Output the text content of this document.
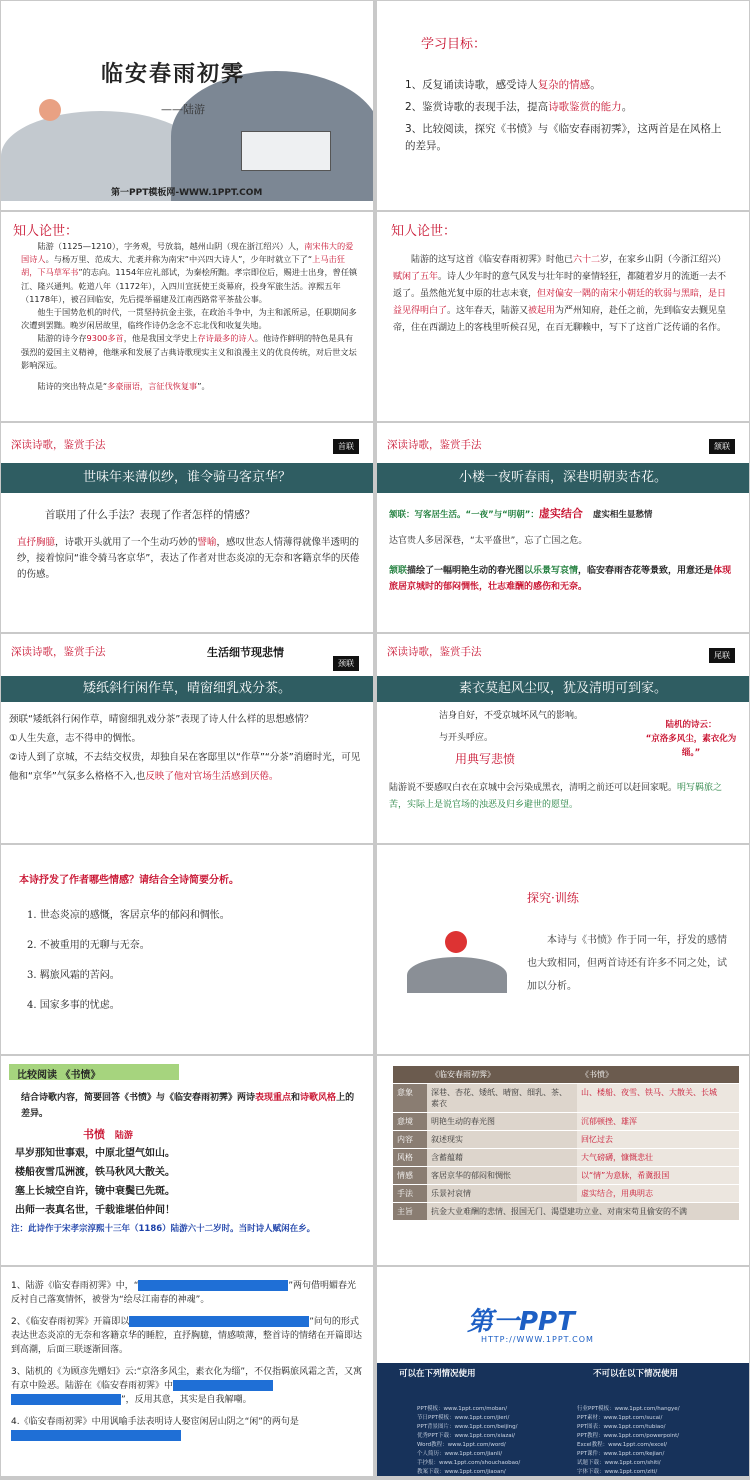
临安春雨初霁
——陆游
第一PPT模板网-WWW.1PPT.COM
学习目标：
1、反复诵读诗歌，感受诗人复杂的情感。
2、鉴赏诗歌的表现手法，提高诗歌鉴赏的能力。
3、比较阅读，探究《书愤》与《临安春雨初霁》，这两首是在风格上的差异。
知人论世：

陆游（1125—1210），字务观，号放翁，越州山阴（现在浙江绍兴）人，南宋伟大的爱国诗人。与杨万里、范成大、尤袤并称为南宋“中兴四大诗人”，少年时就立下了“上马击狂胡，下马草军书”的志向。1154年应礼部试，为秦桧所黜。孝宗即位后，赐进士出身，曾任镇江、隆兴通判。乾道八年（1172年），入四川宣抚使王炎幕府，投身军旅生活。淳熙五年（1178年），被召回临安，先后提举福建及江南西路常平茶盐公事。

他生于国势危机的时代，一贯坚持抗金主张，在政治斗争中，为主和派所忌，任职期间多次遭到罢黜。晚岁闲居故里，临终作诗仍念念不忘北伐和收复失地。

陆游的诗今存9300多首，他是我国文学史上存诗最多的诗人。他诗作鲜明的特色是具有强烈的爱国主义精神，他继承和发展了古典诗歌现实主义和浪漫主义的优良传统，对后世文坛影响深远。

陆诗的突出特点是“多豪丽语，言征伐恢复事”。

知人论世：
陆游的这写这首《临安春雨初霁》时他已六十二岁，在家乡山阴（今浙江绍兴）赋闲了五年。诗人少年时的意气风发与壮年时的豪情轻狂，都随着岁月的流逝一去不返了。虽然他光复中原的壮志未衰，但对偏安一隅的南宋小朝廷的软弱与黑暗，是日益见得明白了。这年春天，陆游又被起用为严州知府，赴任之前，先到临安去觐见皇帝，住在西湖边上的客栈里听候召见，在百无聊赖中，写下了这首广泛传诵的名作。
深读诗歌，鉴赏手法	首联
世味年来薄似纱，谁令骑马客京华？
首联用了什么手法？表现了作者怎样的情感？
直抒胸臆，诗歌开头就用了一个生动巧妙的譬喻，感叹世态人情薄得就像半透明的纱，接着惊问“谁令骑马客京华”，表达了作者对世态炎凉的无奈和客籍京华的厌倦的伤感。
深读诗歌，鉴赏手法	颔联
小楼一夜听春雨，深巷明朝卖杏花。
颔联：写客居生活。“一夜”与“明朝”：虚实结合 虚实相生显愁情
达官贵人多居深巷，“太平盛世”，忘了亡国之危。
颔联描绘了一幅明艳生动的春光图以乐景写哀情，临安春雨杏花等景致，用意还是体现旅居京城时的郁闷惆怅，壮志难酬的感伤和无奈。
深读诗歌，鉴赏手法	生活细节现悲情
颈联
矮纸斜行闲作草，晴窗细乳戏分茶。
颈联“矮纸斜行闲作草，晴窗细乳戏分茶”表现了诗人什么样的思想感情？
①人生失意，志不得申的惆怅。
②诗人到了京城，不去结交权贵，却独自呆在客邸里以“作草”“分茶”消磨时光，可见他和“京华”气氛多么格格不入,也反映了他对官场生活感到厌倦。
深读诗歌，鉴赏手法	尾联
素衣莫起风尘叹，犹及清明可到家。
洁身自好，不受京城坏风气的影响。
与开头呼应。
用典写悲愤
陆机的诗云：
“京洛多风尘，素衣化为缁。”
陆游说不要感叹白衣在京城中会污染成黑衣，清明之前还可以赶回家呢。明写羁旅之苦，实际上是说官场的浊恶及归乡避世的愿望。
本诗抒发了作者哪些情感？请结合全诗简要分析。
1. 世态炎凉的感慨，客居京华的郁闷和惆怅。
2. 不被重用的无聊与无奈。
3. 羁旅风霜的苦闷。
4. 国家多事的忧虑。
探究·训练
本诗与《书愤》作于同一年，抒发的感情也大致相同，但两首诗还有许多不同之处，试加以分析。
比较阅读 《书愤》
结合诗歌内容，简要回答《书愤》与《临安春雨初霁》两诗表现重点和诗歌风格上的差异。
书愤 陆游
早岁那知世事艰，中原北望气如山。
楼船夜雪瓜洲渡，铁马秋风大散关。
塞上长城空自许，镜中衰鬓已先斑。
出师一表真名世，千载谁堪伯仲间！
注：此诗作于宋孝宗淳熙十三年（1186）陆游六十二岁时。当时诗人赋闲在乡。
	《临安春雨初霁》	《书愤》
意象	深巷、杏花、矮纸、晴窗、细乳、茶、素衣	山、楼船、夜雪、铁马、大散关、长城
意境	明艳生动的春光图	沉郁顿挫、雄浑
内容	叙述现实	回忆过去
风格	含蓄蕴藉	大气磅礴，慷慨悲壮
情感	客居京华的郁闷和惆怅	以“情”为意脉，希冀报国
手法	乐景衬哀情	虚实结合，用典明志
主旨	抗金大业难酬的悲情、报国无门、渴望建功立业、对南宋苟且偷安的不满	

1、陆游《临安春雨初霁》中，“	”两句借明媚春光反衬自己落寞情怀，被誉为“绘尽江南春的神魂”。

2、《临安春雨初霁》开篇即以	”问句的形式表达世态炎凉的无奈和客籍京华的睡腔，直抒胸臆，情感喷薄，整首诗的情绪在开篇即达到高潮，后面三联逐渐回落。

3、陆机的《为顾彦先赠妇》云:“京洛多风尘，素衣化为缁”，不仅指羁旅风霜之苦，又寓有京中险恶。陆游在《临安春雨初霁》中 ”，反用其意，其实是自我解嘲。

4.《临安春雨初霁》中用讽喻手法表明诗人娶宦闲居山阴之“闲”的两句是

第一PPT
HTTP://WWW.1PPT.COM
可以在下列情况使用	不可以在以下情况使用
PPT模板：www.1ppt.com/moban/
节日PPT模板：www.1ppt.com/jieri/
PPT背景图片：www.1ppt.com/beijing/
优秀PPT下载：www.1ppt.com/xiazai/
Word教程：www.1ppt.com/word/
个人简历：www.1ppt.com/jianli/
手抄报：www.1ppt.com/shouchaobao/
教案下载：www.1ppt.com/jiaoan/
行业PPT模板：www.1ppt.com/hangye/
PPT素材：www.1ppt.com/sucai/
PPT图表：www.1ppt.com/tubiao/
PPT教程：www.1ppt.com/powerpoint/
Excel教程：www.1ppt.com/excel/
PPT课件：www.1ppt.com/kejian/
试题下载：www.1ppt.com/shiti/
字体下载：www.1ppt.com/ziti/
